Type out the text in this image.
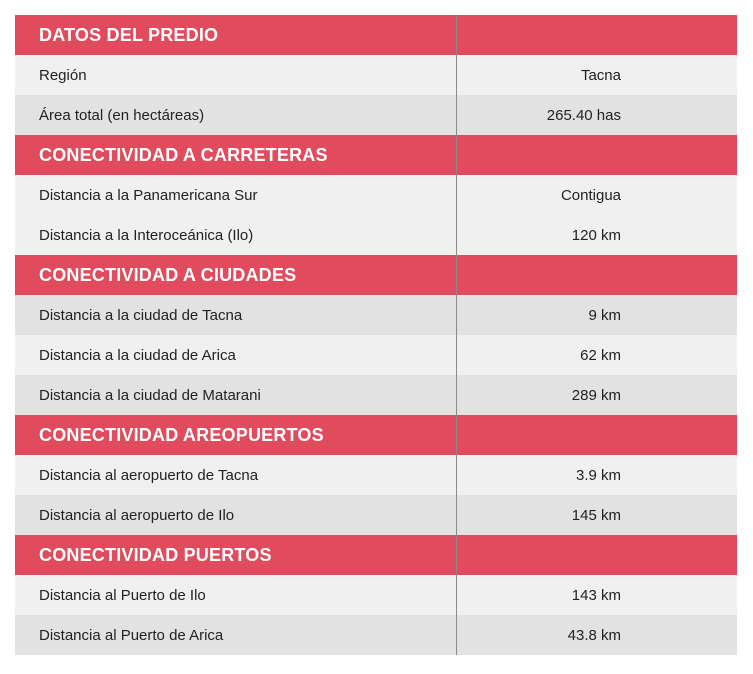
DATOS DEL PREDIO
Región	Tacna
Área total (en hectáreas)	265.40 has
CONECTIVIDAD A CARRETERAS
Distancia a la Panamericana Sur	Contigua
Distancia a la Interoceánica (Ilo)	120 km
CONECTIVIDAD A CIUDADES
Distancia a la ciudad de Tacna	9 km
Distancia a la ciudad de Arica	62 km
Distancia a la ciudad de Matarani	289 km
CONECTIVIDAD AREOPUERTOS
Distancia al aeropuerto de Tacna	3.9 km
Distancia al aeropuerto de Ilo	145 km
CONECTIVIDAD PUERTOS
Distancia al Puerto de Ilo	143 km
Distancia al Puerto de Arica	43.8 km
